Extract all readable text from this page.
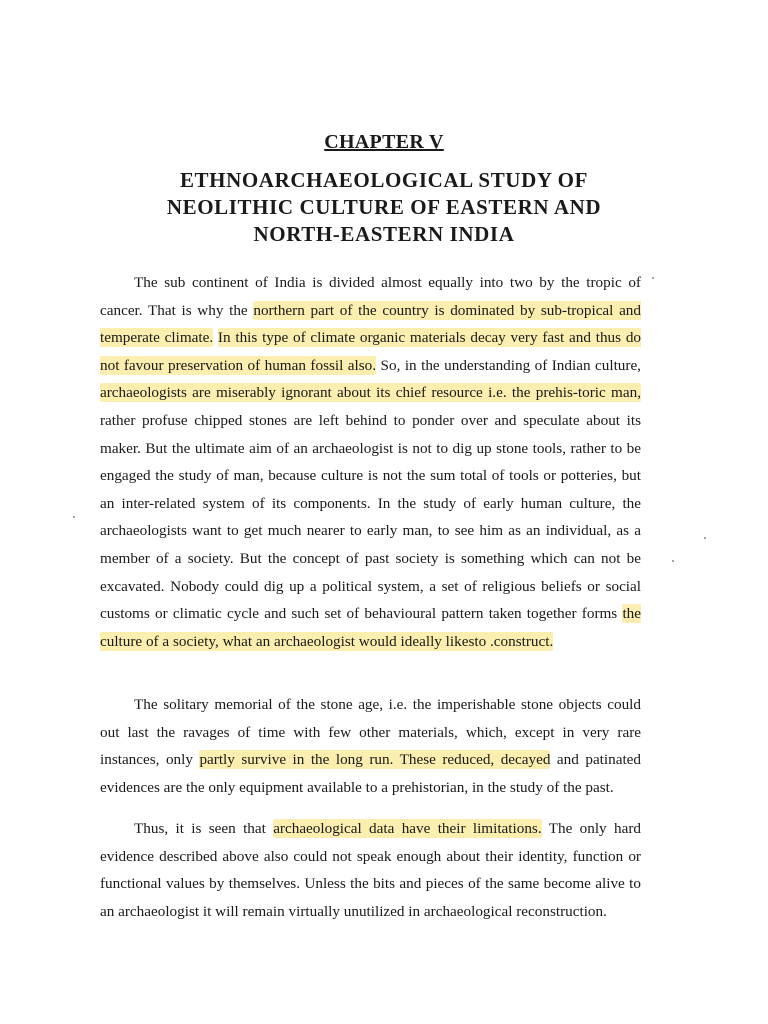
CHAPTER V
ETHNOARCHAEOLOGICAL STUDY OF
NEOLITHIC CULTURE OF EASTERN AND
NORTH-EASTERN INDIA

The sub continent of India is divided almost equally into two by the tropic of cancer. That is why the northern part of the country is dominated by sub-tropical and temperate climate. In this type of climate organic materials decay very fast and thus do not favour preservation of human fossil also. So, in the understanding of Indian culture, archaeologists are miserably ignorant about its chief resource i.e. the prehis-toric man, rather profuse chipped stones are left behind to ponder over and speculate about its maker. But the ultimate aim of an archaeologist is not to dig up stone tools, rather to be engaged the study of man, because culture is not the sum total of tools or potteries, but an inter-related system of its components. In the study of early human culture, the archaeologists want to get much nearer to early man, to see him as an individual, as a member of a society. But the concept of past society is something which can not be excavated. Nobody could dig up a political system, a set of religious beliefs or social customs or climatic cycle and such set of behavioural pattern taken together forms the culture of a society, what an archaeologist would ideally likesto .construct.

The solitary memorial of the stone age, i.e. the imperishable stone objects could out last the ravages of time with few other materials, which, except in very rare instances, only partly survive in the long run. These reduced, decayed and patinated evidences are the only equipment available to a prehistorian, in the study of the past.

Thus, it is seen that archaeological data have their limitations. The only hard evidence described above also could not speak enough about their identity, function or functional values by themselves. Unless the bits and pieces of the same become alive to an archaeologist it will remain virtually unutilized in archaeological reconstruction.
